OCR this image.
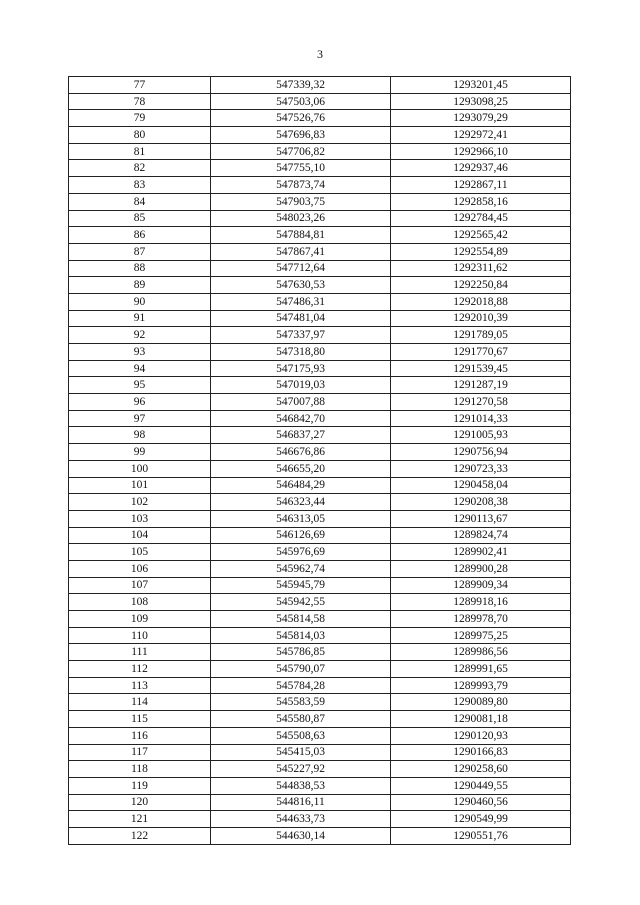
3
77	547339,32	1293201,45
78	547503,06	1293098,25
79	547526,76	1293079,29
80	547696,83	1292972,41
81	547706,82	1292966,10
82	547755,10	1292937,46
83	547873,74	1292867,11
84	547903,75	1292858,16
85	548023,26	1292784,45
86	547884,81	1292565,42
87	547867,41	1292554,89
88	547712,64	1292311,62
89	547630,53	1292250,84
90	547486,31	1292018,88
91	547481,04	1292010,39
92	547337,97	1291789,05
93	547318,80	1291770,67
94	547175,93	1291539,45
95	547019,03	1291287,19
96	547007,88	1291270,58
97	546842,70	1291014,33
98	546837,27	1291005,93
99	546676,86	1290756,94
100	546655,20	1290723,33
101	546484,29	1290458,04
102	546323,44	1290208,38
103	546313,05	1290113,67
104	546126,69	1289824,74
105	545976,69	1289902,41
106	545962,74	1289900,28
107	545945,79	1289909,34
108	545942,55	1289918,16
109	545814,58	1289978,70
110	545814,03	1289975,25
111	545786,85	1289986,56
112	545790,07	1289991,65
113	545784,28	1289993,79
114	545583,59	1290089,80
115	545580,87	1290081,18
116	545508,63	1290120,93
117	545415,03	1290166,83
118	545227,92	1290258,60
119	544838,53	1290449,55
120	544816,11	1290460,56
121	544633,73	1290549,99
122	544630,14	1290551,76
